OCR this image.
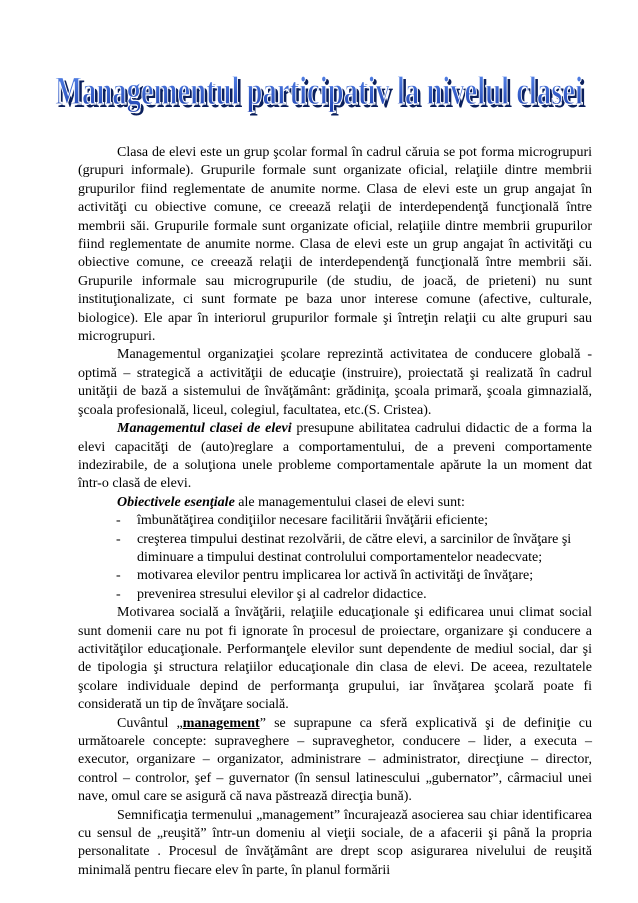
Managementul participativ la nivelul clasei
Managementul participativ la nivelul clasei

Clasa de elevi este un grup şcolar formal în cadrul căruia se pot forma microgrupuri (grupuri informale). Grupurile formale sunt organizate oficial, relaţiile dintre membrii grupurilor fiind reglementate de anumite norme. Clasa de elevi este un grup angajat în activităţi cu obiective comune, ce creează relaţii de interdependenţă funcţională între membrii săi. Grupurile formale sunt organizate oficial, relaţiile dintre membrii grupurilor fiind reglementate de anumite norme. Clasa de elevi este un grup angajat în activităţi cu obiective comune, ce creează relaţii de interdependenţă funcţională între membrii săi. Grupurile informale sau microgrupurile (de studiu, de joacă, de prieteni) nu sunt instituţionalizate, ci sunt formate pe baza unor interese comune (afective, culturale, biologice). Ele apar în interiorul grupurilor formale şi întreţin relaţii cu alte grupuri sau microgrupuri.

Managementul organizaţiei şcolare reprezintă activitatea de conducere globală - optimă – strategică a activităţii de educaţie (instruire), proiectată şi realizată în cadrul unităţii de bază a sistemului de învăţământ: grădiniţa, şcoala primară, şcoala gimnazială, şcoala profesională, liceul, colegiul, facultatea, etc.(S. Cristea).

Managementul clasei de elevi presupune abilitatea cadrului didactic de a forma la elevi capacităţi de (auto)reglare a comportamentului, de a preveni comportamente indezirabile, de a soluţiona unele probleme comportamentale apărute la un moment dat într-o clasă de elevi.

Obiectivele esenţiale ale managementului clasei de elevi sunt:

- îmbunătăţirea condiţiilor necesare facilitării învăţării eficiente;
- creşterea timpului destinat rezolvării, de către elevi, a sarcinilor de învăţare şi diminuare a timpului destinat controlului comportamentelor neadecvate;
- motivarea elevilor pentru implicarea lor activă în activităţi de învăţare;
- prevenirea stresului elevilor şi al cadrelor didactice.

Motivarea socială a învăţării, relaţiile educaţionale şi edificarea unui climat social sunt domenii care nu pot fi ignorate în procesul de proiectare, organizare şi conducere a activităţilor educaţionale. Performanţele elevilor sunt dependente de mediul social, dar şi de tipologia şi structura relaţiilor educaţionale din clasa de elevi. De aceea, rezultatele şcolare individuale depind de performanţa grupului, iar învăţarea şcolară poate fi considerată un tip de învăţare socială.

Cuvântul „management” se suprapune ca sferă explicativă şi de definiţie cu următoarele concepte: supraveghere – supraveghetor, conducere – lider, a executa – executor, organizare – organizator, administrare – administrator, direcţiune – director, control – controlor, şef – guvernator (în sensul latinescului „gubernator”, cârmaciul unei nave, omul care se asigură că nava păstrează direcţia bună).

Semnificaţia termenului „management” încurajează asocierea sau chiar identificarea cu sensul de „reuşită” într-un domeniu al vieţii sociale, de a afacerii şi până la propria personalitate . Procesul de învăţământ are drept scop asigurarea nivelului de reuşită minimală pentru fiecare elev în parte, în planul formării
